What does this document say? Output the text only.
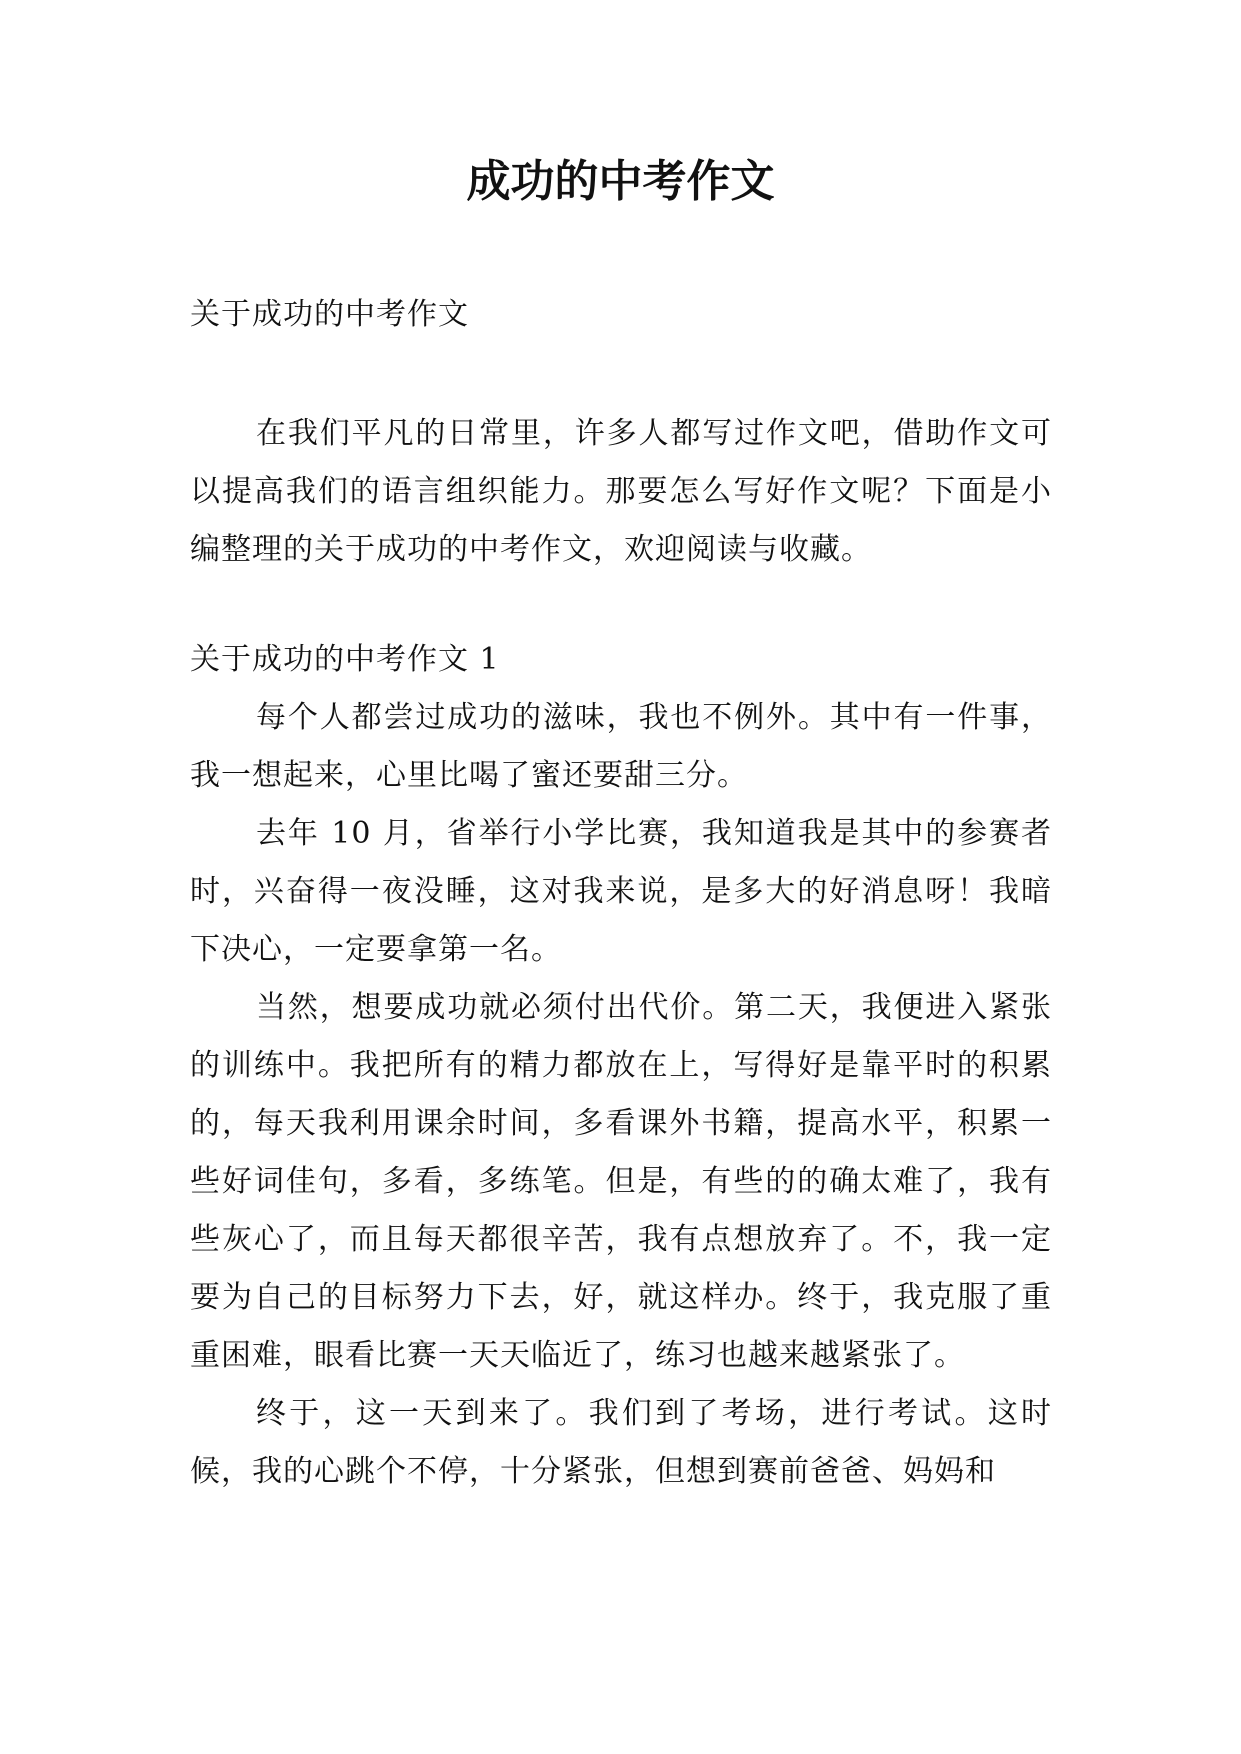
成功的中考作文

关于成功的中考作文

在我们平凡的日常里，许多人都写过作文吧，借助作文可以提高我们的语言组织能力。那要怎么写好作文呢？下面是小编整理的关于成功的中考作文，欢迎阅读与收藏。

关于成功的中考作文 1

每个人都尝过成功的滋味，我也不例外。其中有一件事，我一想起来，心里比喝了蜜还要甜三分。

去年 10 月，省举行小学比赛，我知道我是其中的参赛者时，兴奋得一夜没睡，这对我来说，是多大的好消息呀！我暗下决心，一定要拿第一名。

当然，想要成功就必须付出代价。第二天，我便进入紧张的训练中。我把所有的精力都放在上，写得好是靠平时的积累的，每天我利用课余时间，多看课外书籍，提高水平，积累一些好词佳句，多看，多练笔。但是，有些的的确太难了，我有些灰心了，而且每天都很辛苦，我有点想放弃了。不，我一定要为自己的目标努力下去，好，就这样办。终于，我克服了重重困难，眼看比赛一天天临近了，练习也越来越紧张了。

终于，这一天到来了。我们到了考场，进行考试。这时候，我的心跳个不停，十分紧张，但想到赛前爸爸、妈妈和
